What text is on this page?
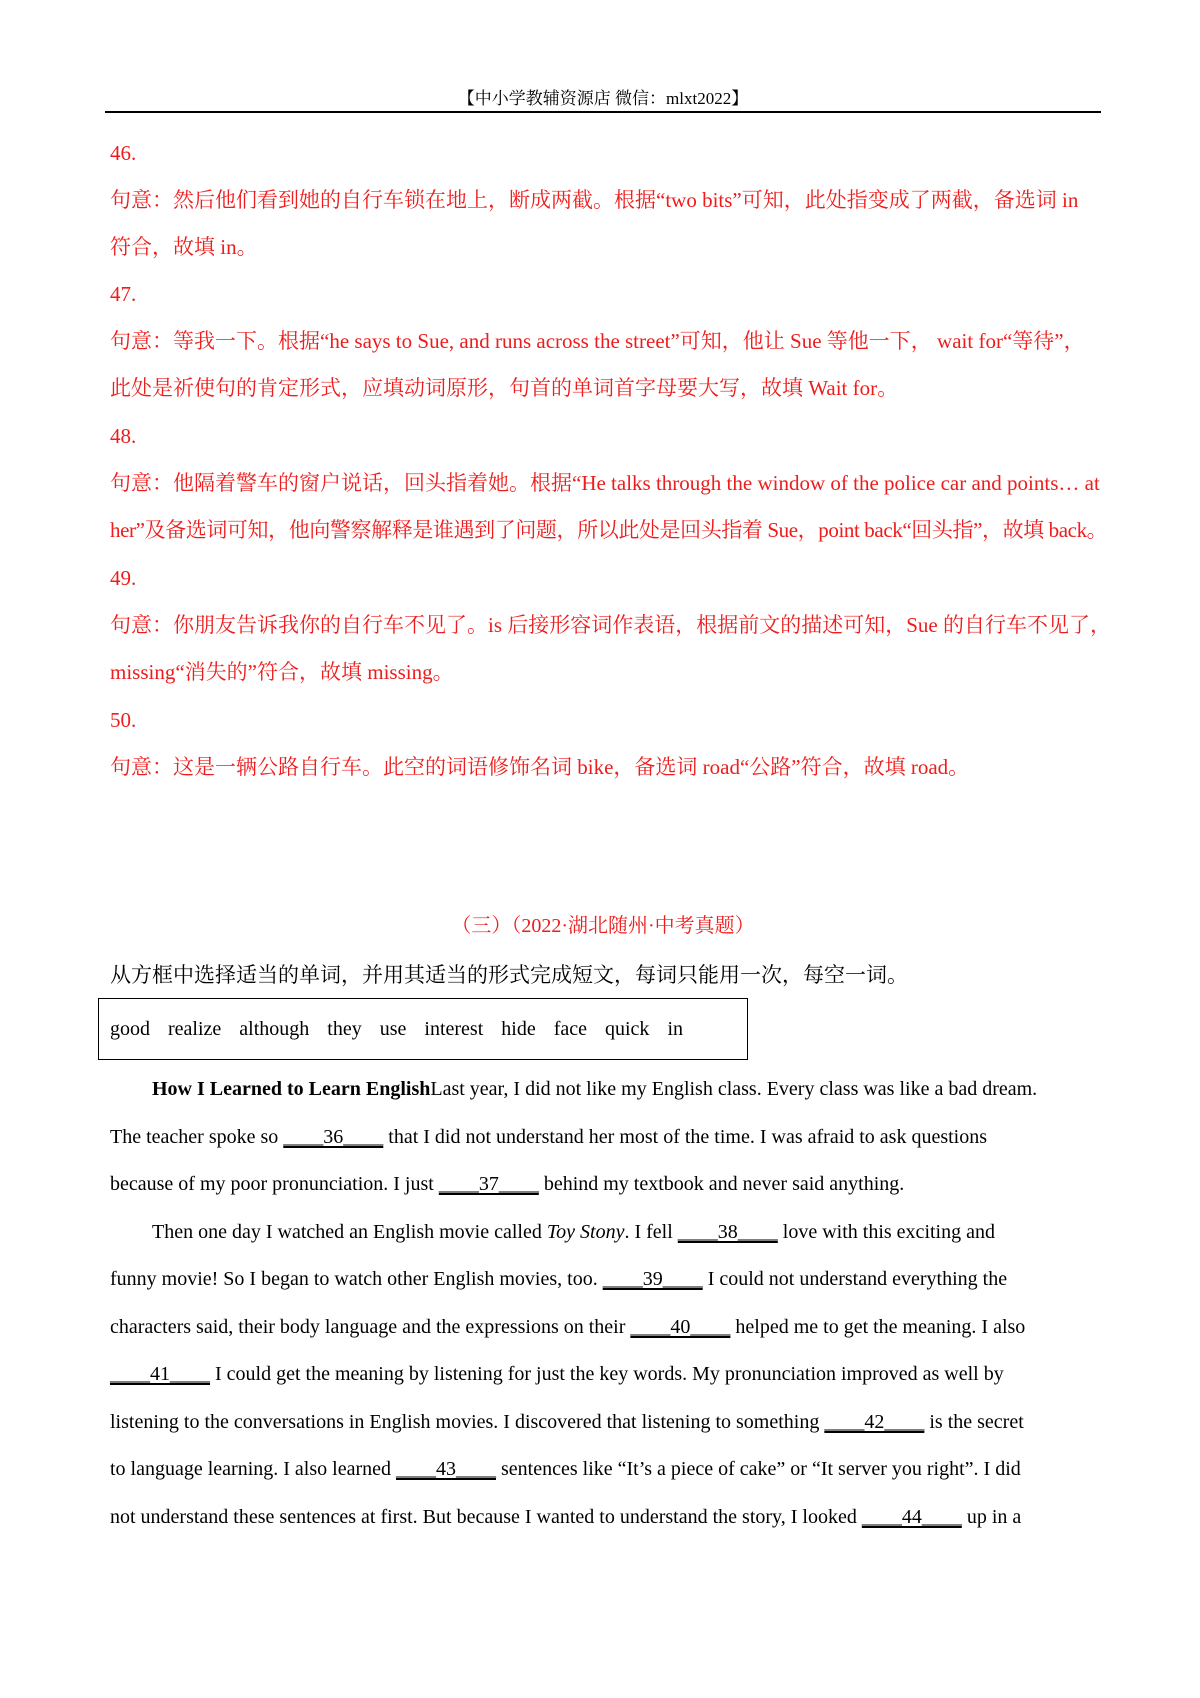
【中小学教辅资源店 微信：mlxt2022】
46.
句意：然后他们看到她的自行车锁在地上，断成两截。根据“two bits”可知，此处指变成了两截，备选词 in
符合，故填 in。
47.
句意：等我一下。根据“he says to Sue, and runs across the street”可知，他让 Sue 等他一下， wait for“等待”，
此处是祈使句的肯定形式，应填动词原形，句首的单词首字母要大写，故填 Wait for。
48.
句意：他隔着警车的窗户说话，回头指着她。根据“He talks through the window of the police car and points… at
her”及备选词可知，他向警察解释是谁遇到了问题，所以此处是回头指着 Sue，point back“回头指”，故填 back。
49.
句意：你朋友告诉我你的自行车不见了。is 后接形容词作表语，根据前文的描述可知，Sue 的自行车不见了，
missing“消失的”符合，故填 missing。
50.
句意：这是一辆公路自行车。此空的词语修饰名词 bike，备选词 road“公路”符合，故填 road。
（三）（2022·湖北随州·中考真题）
从方框中选择适当的单词，并用其适当的形式完成短文，每词只能用一次，每空一词。
good realize although they use interest hide face quick in
How I Learned to Learn EnglishLast year, I did not like my English class. Every class was like a bad dream.
The teacher spoke so ____36____ that I did not understand her most of the time. I was afraid to ask questions
because of my poor pronunciation. I just ____37____ behind my textbook and never said anything.
Then one day I watched an English movie called Toy Stony. I fell ____38____ love with this exciting and
funny movie! So I began to watch other English movies, too. ____39____ I could not understand everything the
characters said, their body language and the expressions on their ____40____ helped me to get the meaning. I also
____41____ I could get the meaning by listening for just the key words. My pronunciation improved as well by
listening to the conversations in English movies. I discovered that listening to something ____42____ is the secret
to language learning. I also learned ____43____ sentences like “It’s a piece of cake” or “It server you right”. I did
not understand these sentences at first. But because I wanted to understand the story, I looked ____44____ up in a
